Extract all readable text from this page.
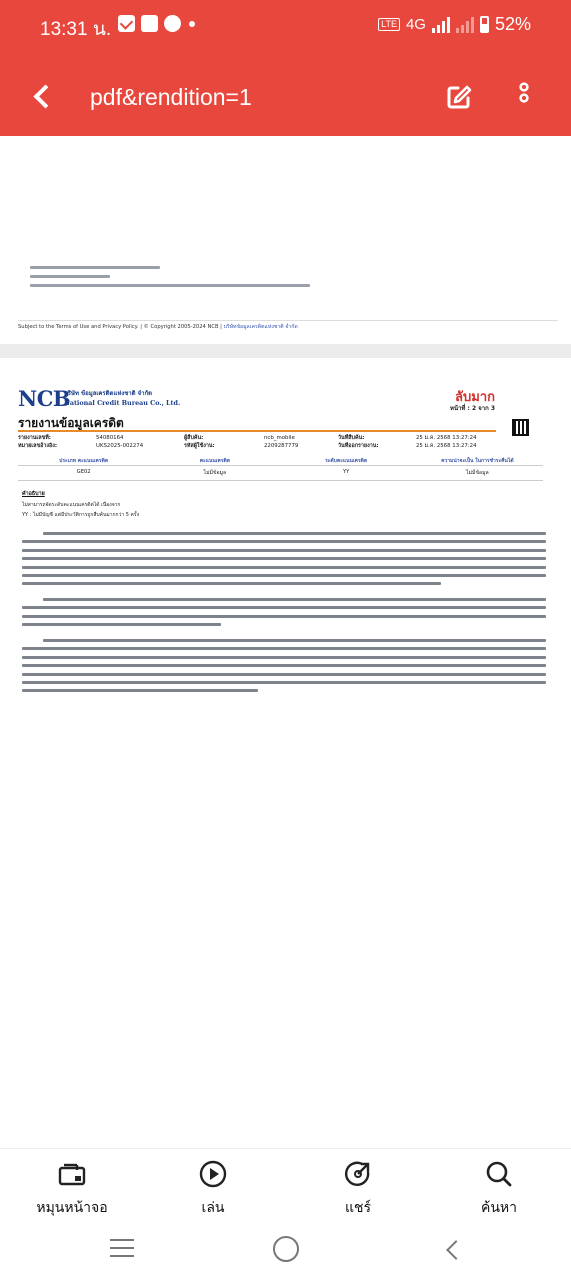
13:31 น.	LTE 4G	52%
pdf&rendition=1
Subject to the Terms of Use and Privacy Policy. | © Copyright 2005-2024 NCB | บริษัทข้อมูลเครดิตแห่งชาติ จำกัด
NCB
บริษัท ข้อมูลเครดิตแห่งชาติ จำกัด
National Credit Bureau Co., Ltd.	ลับมาก
หน้าที่ : 2 จาก 3
รายงานข้อมูลเครดิต
รายงานเลขที่:	54080164	ผู้สืบค้น:	ncb_mobile	วันที่สืบค้น:	25 ม.ค. 2568 13:27:24
หมายเลขอ้างอิง:	UKS2025-002274	รหัสผู้ใช้งาน:	2209287779	วันที่ออกรายงาน:	25 ม.ค. 2568 13:27:24
ประเภท คะแนนเครดิต	คะแนนเครดิต	ระดับคะแนนเครดิต	ความน่าจะเป็น ในการชำระคืนได้
GE02	ไม่มีข้อมูล	YY	ไม่มีข้อมูล
คำอธิบาย
ไม่สามารถจัดระดับคะแนนเครดิตได้ เนื่องจาก
YY : ไม่มีบัญชี แต่มีประวัติการถูกสืบค้นมากกว่า 5 ครั้ง
หมุนหน้าจอ	เล่น	แชร์	ค้นหา
